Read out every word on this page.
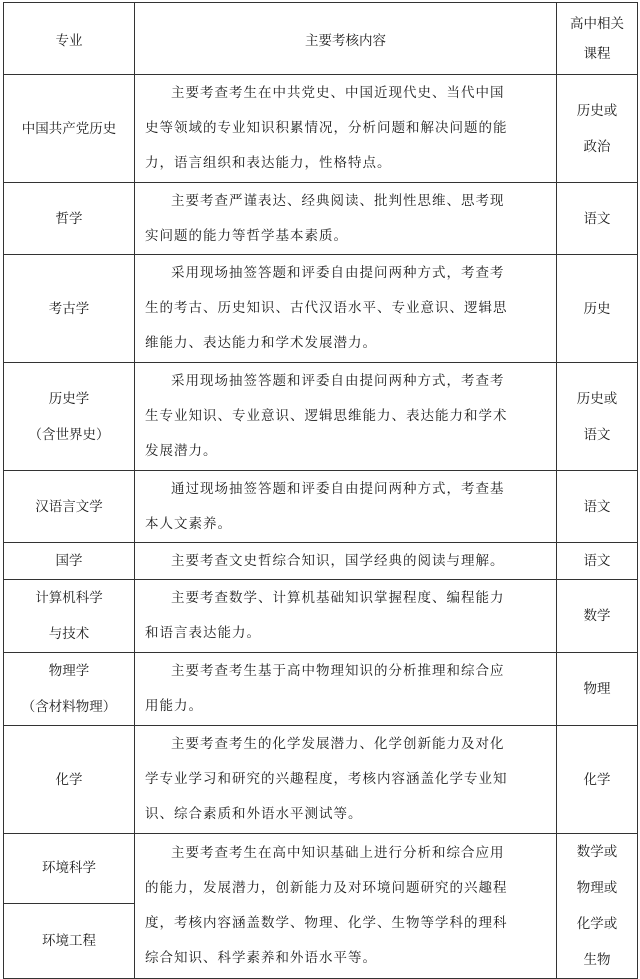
专业	主要考核内容	高中相关
课程

中国共产党历史	主要考查考生在中共党史、中国近现代史、当代中国
史等领域的专业知识积累情况，分析问题和解决问题的能
力，语言组织和表达能力，性格特点。	历史或
政治

哲学	主要考查严谨表达、经典阅读、批判性思维、思考现
实问题的能力等哲学基本素质。	语文

考古学	采用现场抽签答题和评委自由提问两种方式，考查考
生的考古、历史知识、古代汉语水平、专业意识、逻辑思
维能力、表达能力和学术发展潜力。	历史

历史学
（含世界史）	采用现场抽签答题和评委自由提问两种方式，考查考
生专业知识、专业意识、逻辑思维能力、表达能力和学术
发展潜力。	历史或
语文

汉语言文学	通过现场抽签答题和评委自由提问两种方式，考查基
本人文素养。	语文

国学	主要考查文史哲综合知识，国学经典的阅读与理解。	语文

计算机科学
与技术	主要考查数学、计算机基础知识掌握程度、编程能力
和语言表达能力。	数学

物理学
（含材料物理）	主要考查考生基于高中物理知识的分析推理和综合应
用能力。	物理

化学	主要考查考生的化学发展潜力、化学创新能力及对化
学专业学习和研究的兴趣程度，考核内容涵盖化学专业知
识、综合素质和外语水平测试等。	化学

环境科学	主要考查考生在高中知识基础上进行分析和综合应用
的能力，发展潜力，创新能力及对环境问题研究的兴趣程
度，考核内容涵盖数学、物理、化学、生物等学科的理科
综合知识、科学素养和外语水平等。	数学或
物理或
化学或
生物

环境工程		
